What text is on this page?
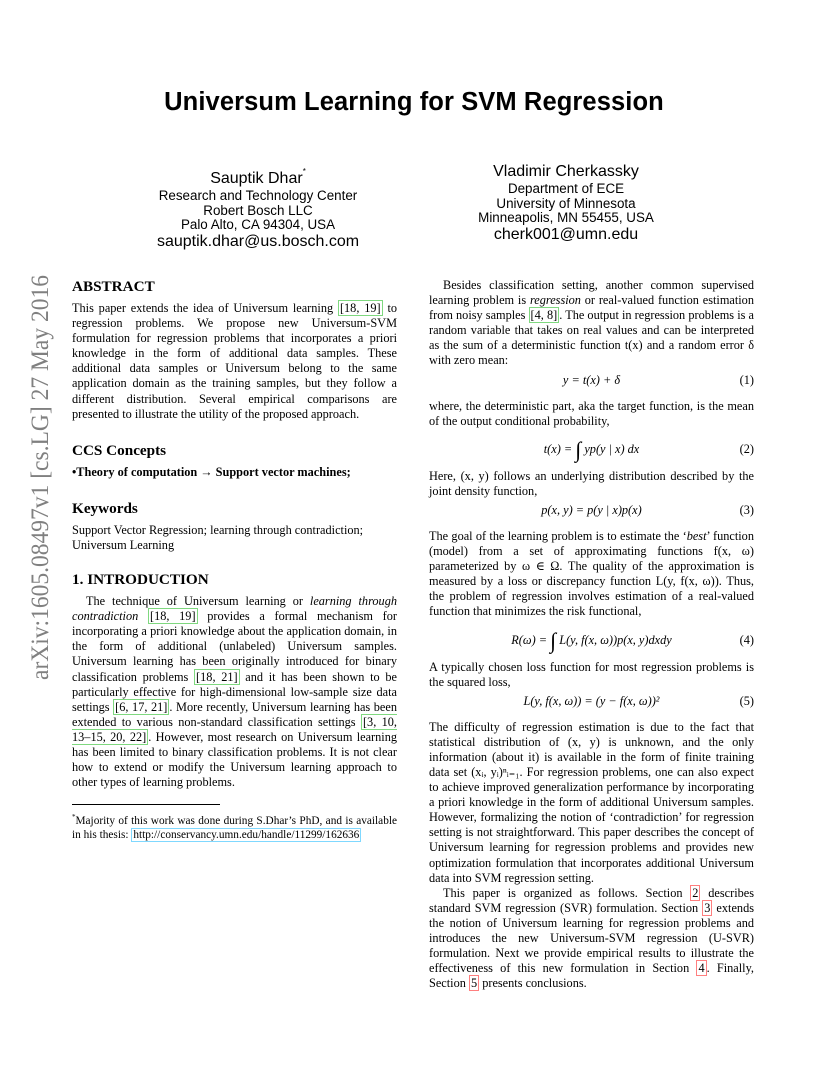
arXiv:1605.08497v1 [cs.LG] 27 May 2016
Universum Learning for SVM Regression
Sauptik Dhar*
Research and Technology Center
Robert Bosch LLC
Palo Alto, CA 94304, USA
sauptik.dhar@us.bosch.com
Vladimir Cherkassky
Department of ECE
University of Minnesota
Minneapolis, MN 55455, USA
cherk001@umn.edu
ABSTRACT

This paper extends the idea of Universum learning [18, 19] to regression problems. We propose new Universum-SVM formulation for regression problems that incorporates a priori knowledge in the form of additional data samples. These additional data samples or Universum belong to the same application domain as the training samples, but they follow a different distribution. Several empirical comparisons are presented to illustrate the utility of the proposed approach.

CCS Concepts

•Theory of computation → Support vector machines;

Keywords

Support Vector Regression; learning through contradiction; Universum Learning

1. INTRODUCTION

The technique of Universum learning or learning through contradiction [18, 19] provides a formal mechanism for incorporating a priori knowledge about the application domain, in the form of additional (unlabeled) Universum samples. Universum learning has been originally introduced for binary classification problems [18, 21] and it has been shown to be particularly effective for high-dimensional low-sample size data settings [6, 17, 21] . More recently, Universum learning has been extended to various non-standard classification settings [3, 10, 13–15, 20, 22] . However, most research on Universum learning has been limited to binary classification problems. It is not clear how to extend or modify the Universum learning approach to other types of learning problems.

*Majority of this work was done during S.Dhar’s PhD, and is available in his thesis: http://conservancy.umn.edu/handle/11299/162636

Besides classification setting, another common supervised learning problem is regression or real-valued function estimation from noisy samples [4, 8] . The output in regression problems is a random variable that takes on real values and can be interpreted as the sum of a deterministic function t(x) and a random error δ with zero mean:

y = t(x) + δ	(1)

where, the deterministic part, aka the target function, is the mean of the output conditional probability,

t(x) = ∫ yp(y | x) dx	(2)

Here, (x, y) follows an underlying distribution described by the joint density function,

p(x, y) = p(y | x)p(x)	(3)

The goal of the learning problem is to estimate the ‘best’ function (model) from a set of approximating functions f(x, ω) parameterized by ω ∈ Ω. The quality of the approximation is measured by a loss or discrepancy function L(y, f(x, ω)). Thus, the problem of regression involves estimation of a real-valued function that minimizes the risk functional,

R(ω) = ∫ L(y, f(x, ω))p(x, y)dxdy	(4)

A typically chosen loss function for most regression problems is the squared loss,

L(y, f(x, ω)) = (y − f(x, ω))²	(5)

The difficulty of regression estimation is due to the fact that statistical distribution of (x, y) is unknown, and the only information (about it) is available in the form of finite training data set (xᵢ, yᵢ)ⁿᵢ₌₁. For regression problems, one can also expect to achieve improved generalization performance by incorporating a priori knowledge in the form of additional Universum samples. However, formalizing the notion of ‘contradiction’ for regression setting is not straightforward. This paper describes the concept of Universum learning for regression problems and provides new optimization formulation that incorporates additional Universum data into SVM regression setting.

This paper is organized as follows. Section 2 describes standard SVM regression (SVR) formulation. Section 3 extends the notion of Universum learning for regression problems and introduces the new Universum-SVM regression (U-SVR) formulation. Next we provide empirical results to illustrate the effectiveness of this new formulation in Section 4 . Finally, Section 5 presents conclusions.
